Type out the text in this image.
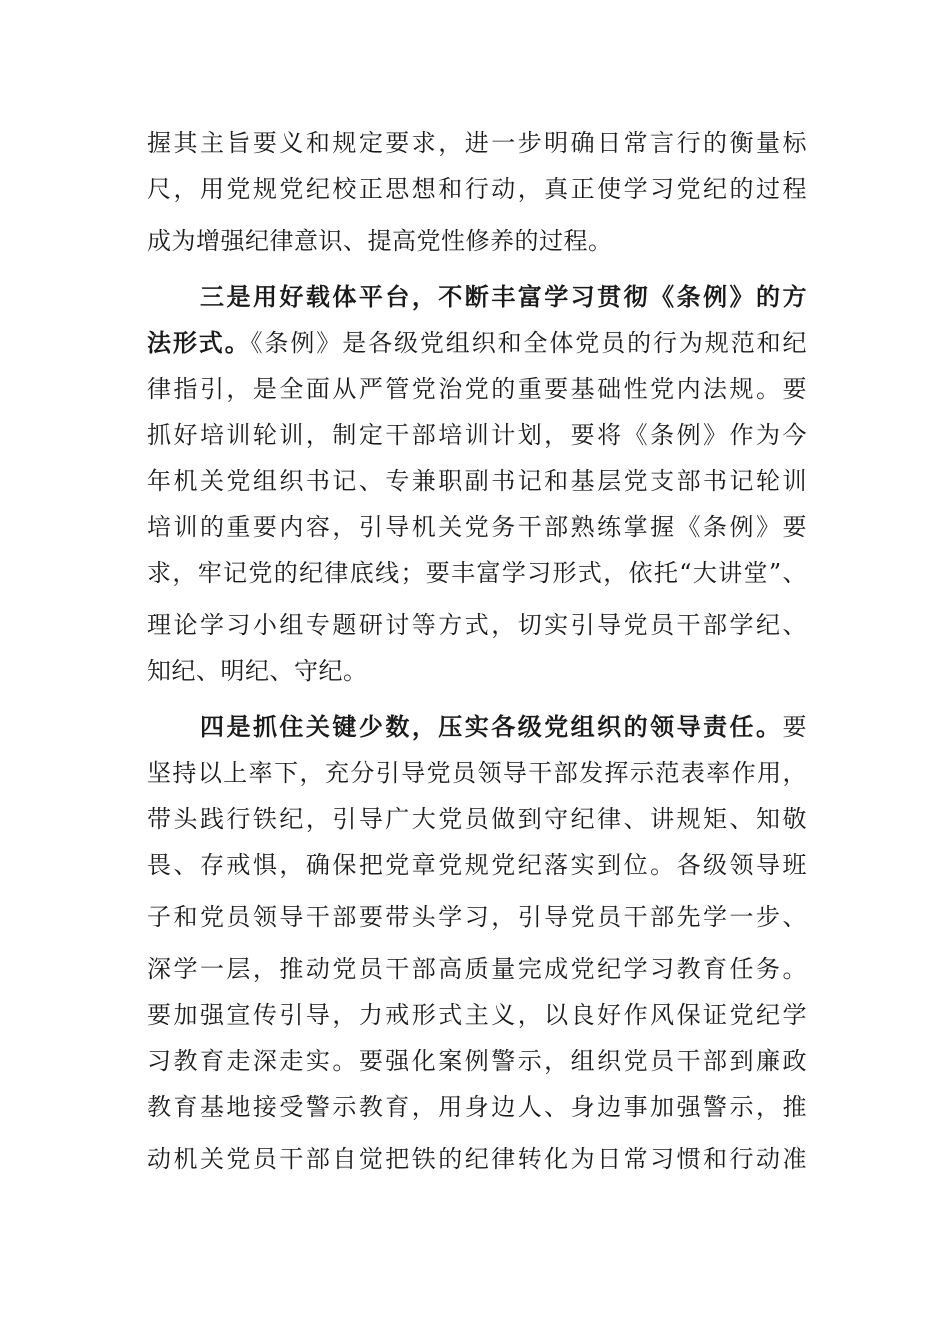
握其主旨要义和规定要求，进一步明确日常言行的衡量标
尺，用党规党纪校正思想和行动，真正使学习党纪的过程
成为增强纪律意识、提高党性修养的过程。
三是用好载体平台，不断丰富学习贯彻《条例》的方
法形式。《条例》是各级党组织和全体党员的行为规范和纪
律指引，是全面从严管党治党的重要基础性党内法规。要
抓好培训轮训，制定干部培训计划，要将《条例》作为今
年机关党组织书记、专兼职副书记和基层党支部书记轮训
培训的重要内容，引导机关党务干部熟练掌握《条例》要
求，牢记党的纪律底线；要丰富学习形式，依托“大讲堂”、
理论学习小组专题研讨等方式，切实引导党员干部学纪、
知纪、明纪、守纪。
四是抓住关键少数，压实各级党组织的领导责任。要
坚持以上率下，充分引导党员领导干部发挥示范表率作用，
带头践行铁纪，引导广大党员做到守纪律、讲规矩、知敬
畏、存戒惧，确保把党章党规党纪落实到位。各级领导班
子和党员领导干部要带头学习，引导党员干部先学一步、
深学一层，推动党员干部高质量完成党纪学习教育任务。
要加强宣传引导，力戒形式主义，以良好作风保证党纪学
习教育走深走实。要强化案例警示，组织党员干部到廉政
教育基地接受警示教育，用身边人、身边事加强警示，推
动机关党员干部自觉把铁的纪律转化为日常习惯和行动准
